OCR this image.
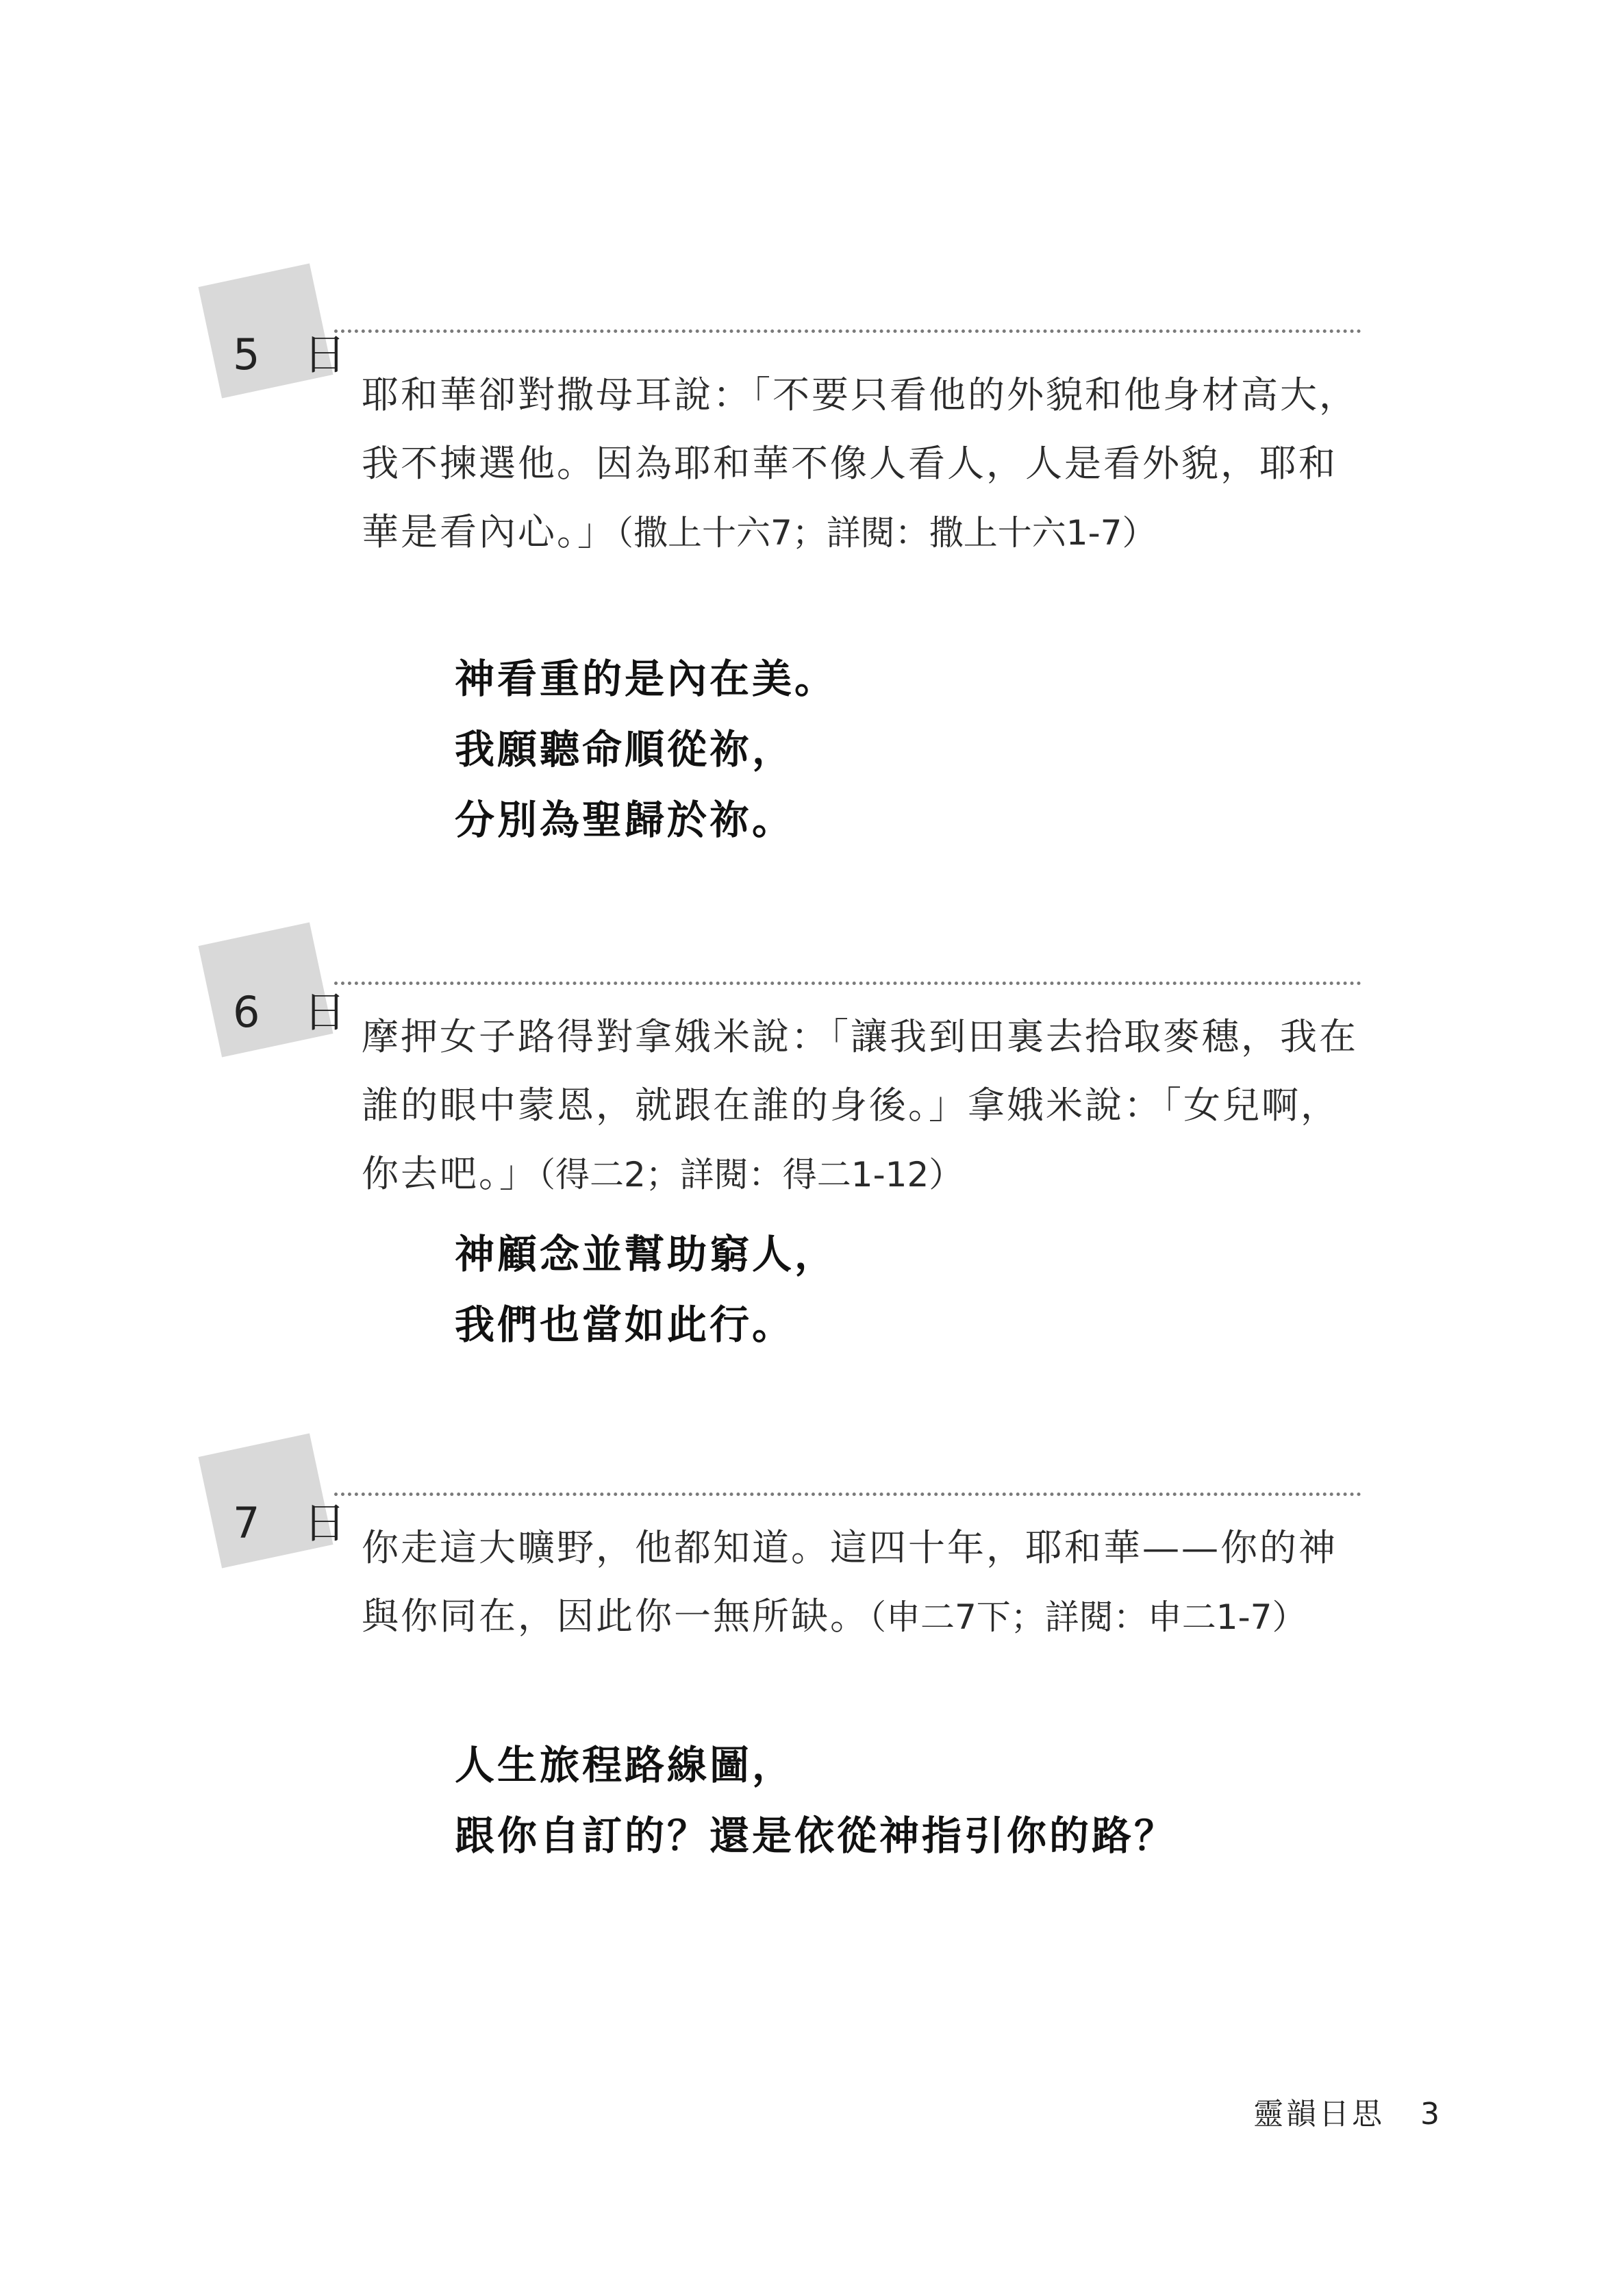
5 日

耶和華卻對撒母耳說：「不要只看他的外貌和他身材高大，我不揀選他。因為耶和華不像人看人，人是看外貌，耶和華是看內心。」（撒上十六7；詳閱：撒上十六1-7）

神看重的是內在美。
我願聽命順從祢，
分別為聖歸於祢。
6 日 摩押女子路得對拿娥米說：「讓我到田裏去拾取麥穗，我在誰的眼中蒙恩，就跟在誰的身後。」拿娥米說：「女兒啊，你去吧。」（得二2；詳閱：得二1-12）

神顧念並幫助窮人，
我們也當如此行。
7 日 你走這大曠野，他都知道。這四十年，耶和華——你的神與你同在，因此你一無所缺。（申二7下；詳閱：申二1-7）

人生旅程路線圖，
跟你自訂的？還是依從神指引你的路？
靈韻日思 3
